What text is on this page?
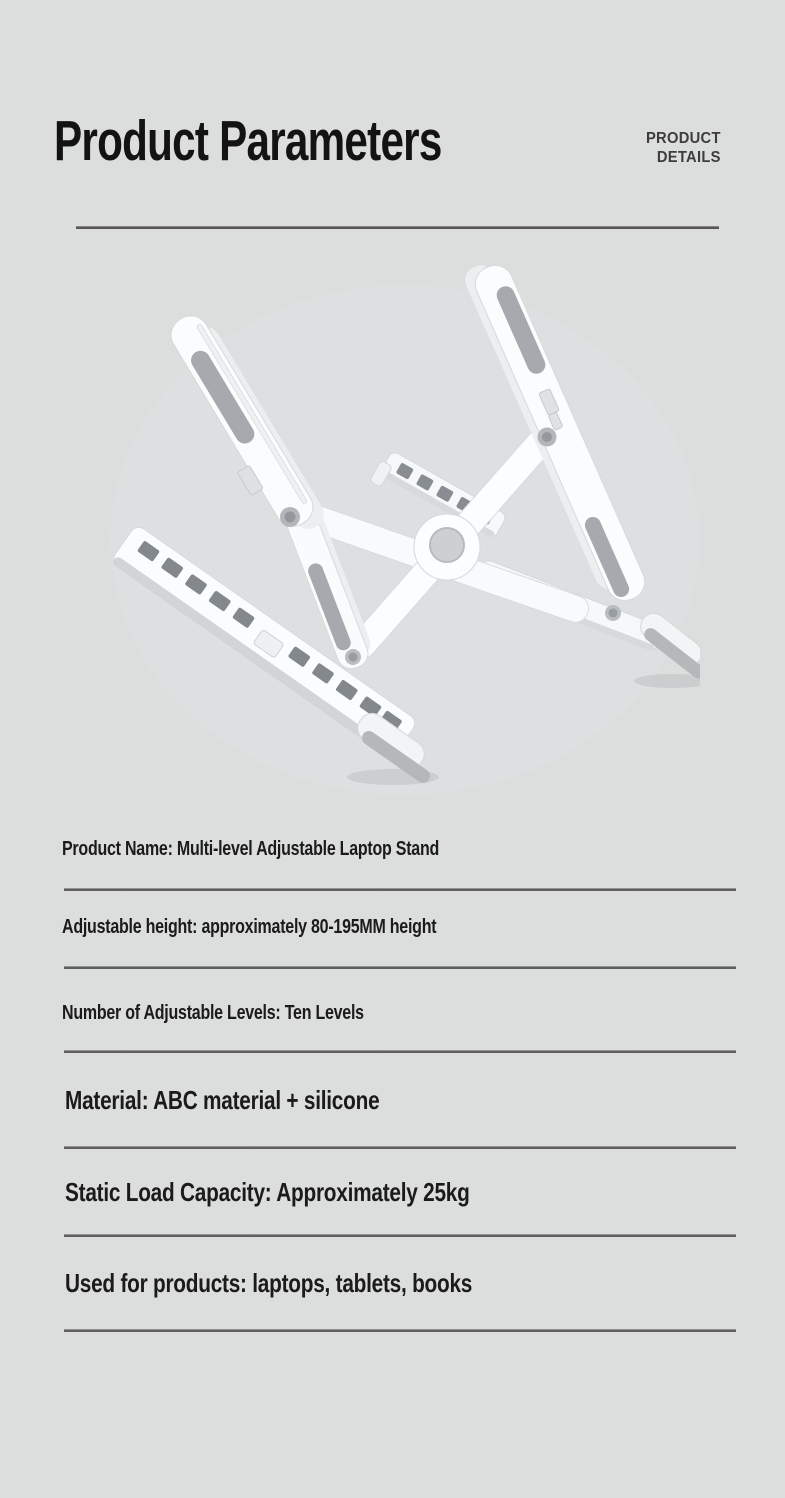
Product Parameters	PRODUCT
DETAILS
Product Name: Multi-level Adjustable Laptop Stand
Adjustable height: approximately 80-195MM height
Number of Adjustable Levels: Ten Levels
Material: ABC material + silicone
Static Load Capacity: Approximately 25kg
Used for products: laptops, tablets, books
